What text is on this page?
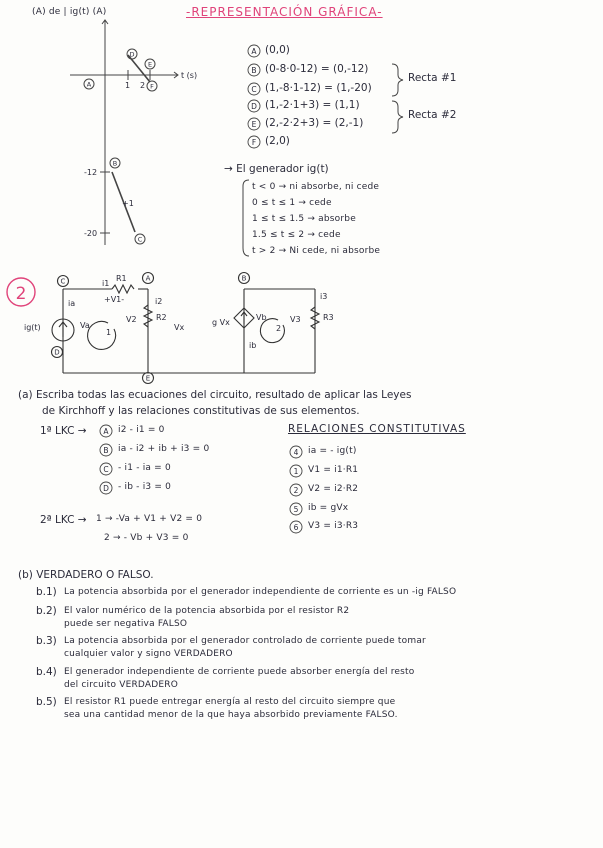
(A) de | ig(t) (A)	-REPRESENTACIÓN GRÁFICA-
A
B
C
D
E
F
t (s)
1 2
-12
-20
+1
A
B
C
D
E
F
C	A	B
D
E
2
i1
R1
+V1-
ia	i2
Va
V2 R2
Vx
ig(t)
g Vx
Vb
ib
V3	R3
i3
1	2
A
B
C
D
4
1
2
5
6
(0,0)
(0-8·0-12) = (0,-12)
(1,-8·1-12) = (1,-20)
(1,-2·1+3) = (1,1)
(2,-2·2+3) = (2,-1)
(2,0)
Recta #1
Recta #2
→ El generador ig(t)
t < 0 → ni absorbe, ni cede
0 ≤ t ≤ 1 → cede
1 ≤ t ≤ 1.5 → absorbe
1.5 ≤ t ≤ 2 → cede
t > 2 → Ni cede, ni absorbe
(a) Escriba todas las ecuaciones del circuito, resultado de aplicar las Leyes
de Kirchhoff y las relaciones constitutivas de sus elementos.
1ª LKC →	i2 - i1 = 0
ia - i2 + ib + i3 = 0
- i1 - ia = 0
- ib - i3 = 0
RELACIONES CONSTITUTIVAS
ia = - ig(t)
V1 = i1·R1
V2 = i2·R2
ib = gVx
V3 = i3·R3
2ª LKC → 1 → -Va + V1 + V2 = 0
2 → - Vb + V3 = 0
(b) VERDADERO O FALSO.
b.1) La potencia absorbida por el generador independiente de corriente es un -ig FALSO
b.2) El valor numérico de la potencia absorbida por el resistor R2
puede ser negativa FALSO
b.3) La potencia absorbida por el generador controlado de corriente puede tomar
cualquier valor y signo VERDADERO
b.4) El generador independiente de corriente puede absorber energía del resto
del circuito VERDADERO
b.5) El resistor R1 puede entregar energía al resto del circuito siempre que
sea una cantidad menor de la que haya absorbido previamente FALSO.
